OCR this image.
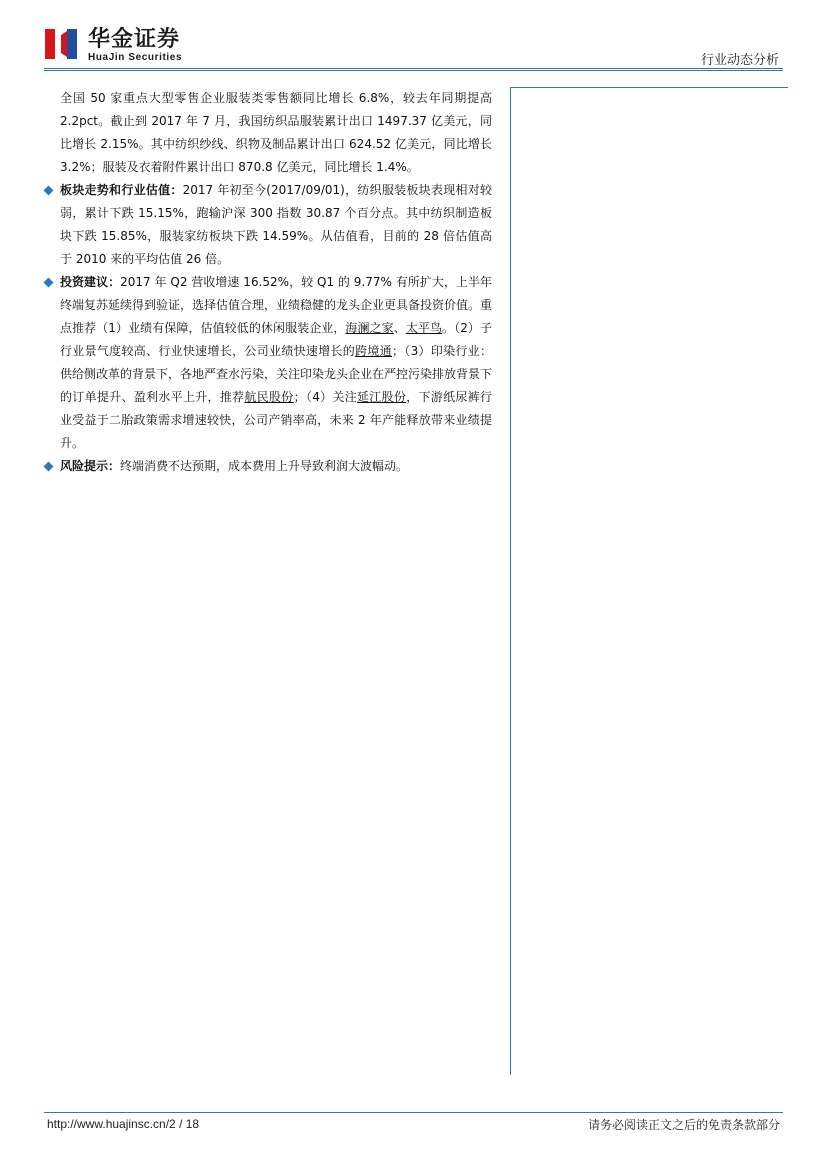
华金证券
HuaJin Securities	行业动态分析

全国 50 家重点大型零售企业服装类零售额同比增长 6.8%，较去年同期提高 2.2pct。截止到 2017 年 7 月，我国纺织品服装累计出口 1497.37 亿美元，同比增长 2.15%。其中纺织纱线、织物及制品累计出口 624.52 亿美元，同比增长 3.2%；服装及衣着附件累计出口 870.8 亿美元，同比增长 1.4%。

板块走势和行业估值：2017 年初至今(2017/09/01)，纺织服装板块表现相对较弱，累计下跌 15.15%，跑输沪深 300 指数 30.87 个百分点。其中纺织制造板块下跌 15.85%，服装家纺板块下跌 14.59%。从估值看，目前的 28 倍估值高于 2010 来的平均估值 26 倍。

投资建议：2017 年 Q2 营收增速 16.52%，较 Q1 的 9.77% 有所扩大，上半年终端复苏延续得到验证，选择估值合理，业绩稳健的龙头企业更具备投资价值。重点推荐（1）业绩有保障，估值较低的休闲服装企业，海澜之家、太平鸟。（2）子行业景气度较高、行业快速增长，公司业绩快速增长的跨境通；（3）印染行业：供给侧改革的背景下，各地严查水污染，关注印染龙头企业在严控污染排放背景下的订单提升、盈利水平上升，推荐航民股份；（4）关注延江股份，下游纸尿裤行业受益于二胎政策需求增速较快，公司产销率高，未来 2 年产能释放带来业绩提升。

风险提示：终端消费不达预期，成本费用上升导致利润大波幅动。

http://www.huajinsc.cn/2 / 18	请务必阅读正文之后的免责条款部分
